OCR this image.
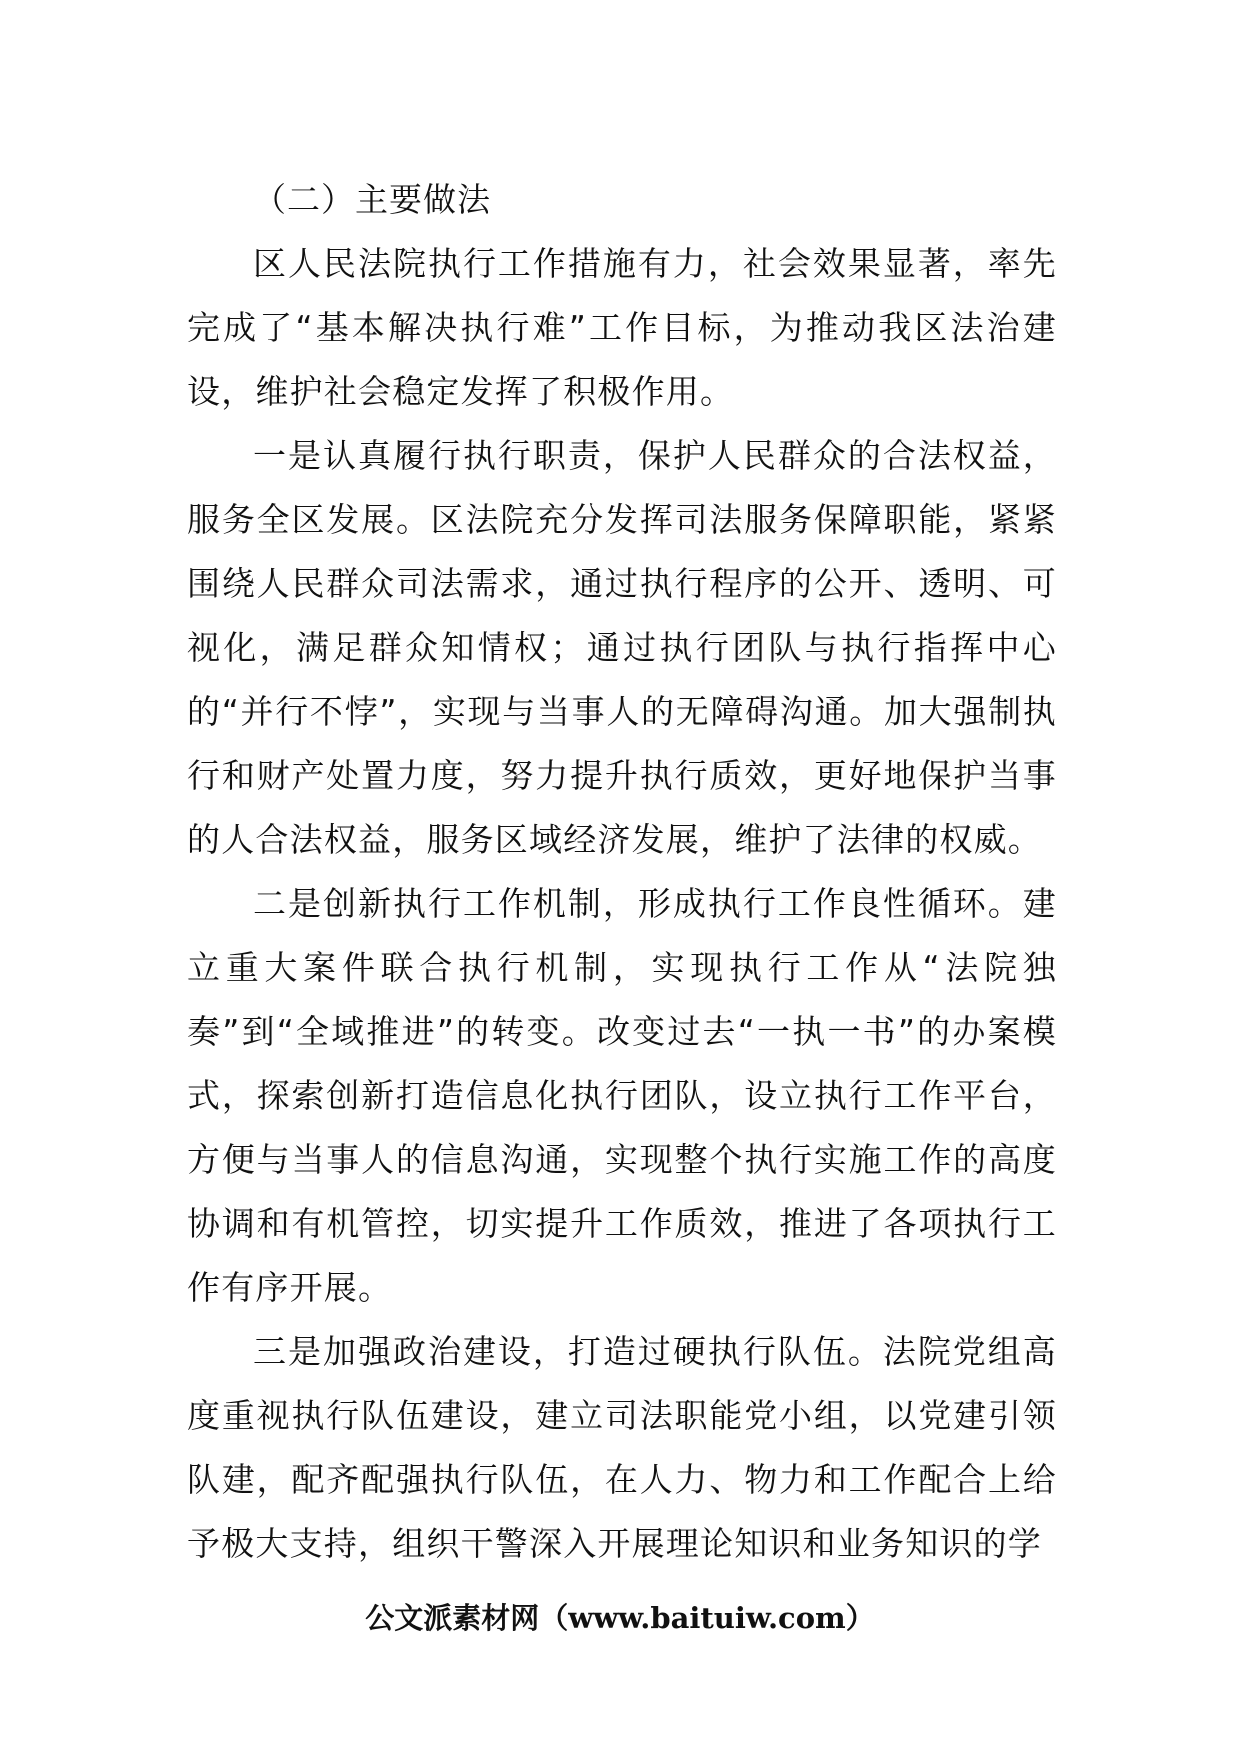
（二）主要做法

区人民法院执行工作措施有力，社会效果显著，率先完成了“基本解决执行难”工作目标，为推动我区法治建设，维护社会稳定发挥了积极作用。

一是认真履行执行职责，保护人民群众的合法权益，服务全区发展。区法院充分发挥司法服务保障职能，紧紧围绕人民群众司法需求，通过执行程序的公开、透明、可视化，满足群众知情权；通过执行团队与执行指挥中心的“并行不悖”，实现与当事人的无障碍沟通。加大强制执行和财产处置力度，努力提升执行质效，更好地保护当事的人合法权益，服务区域经济发展，维护了法律的权威。

二是创新执行工作机制，形成执行工作良性循环。建立重大案件联合执行机制，实现执行工作从“法院独奏”到“全域推进”的转变。改变过去“一执一书”的办案模式，探索创新打造信息化执行团队，设立执行工作平台，方便与当事人的信息沟通，实现整个执行实施工作的高度协调和有机管控，切实提升工作质效，推进了各项执行工作有序开展。

三是加强政治建设，打造过硬执行队伍。法院党组高度重视执行队伍建设，建立司法职能党小组，以党建引领队建，配齐配强执行队伍，在人力、物力和工作配合上给予极大支持，组织干警深入开展理论知识和业务知识的学

公文派素材网（www.baituiw.com）
